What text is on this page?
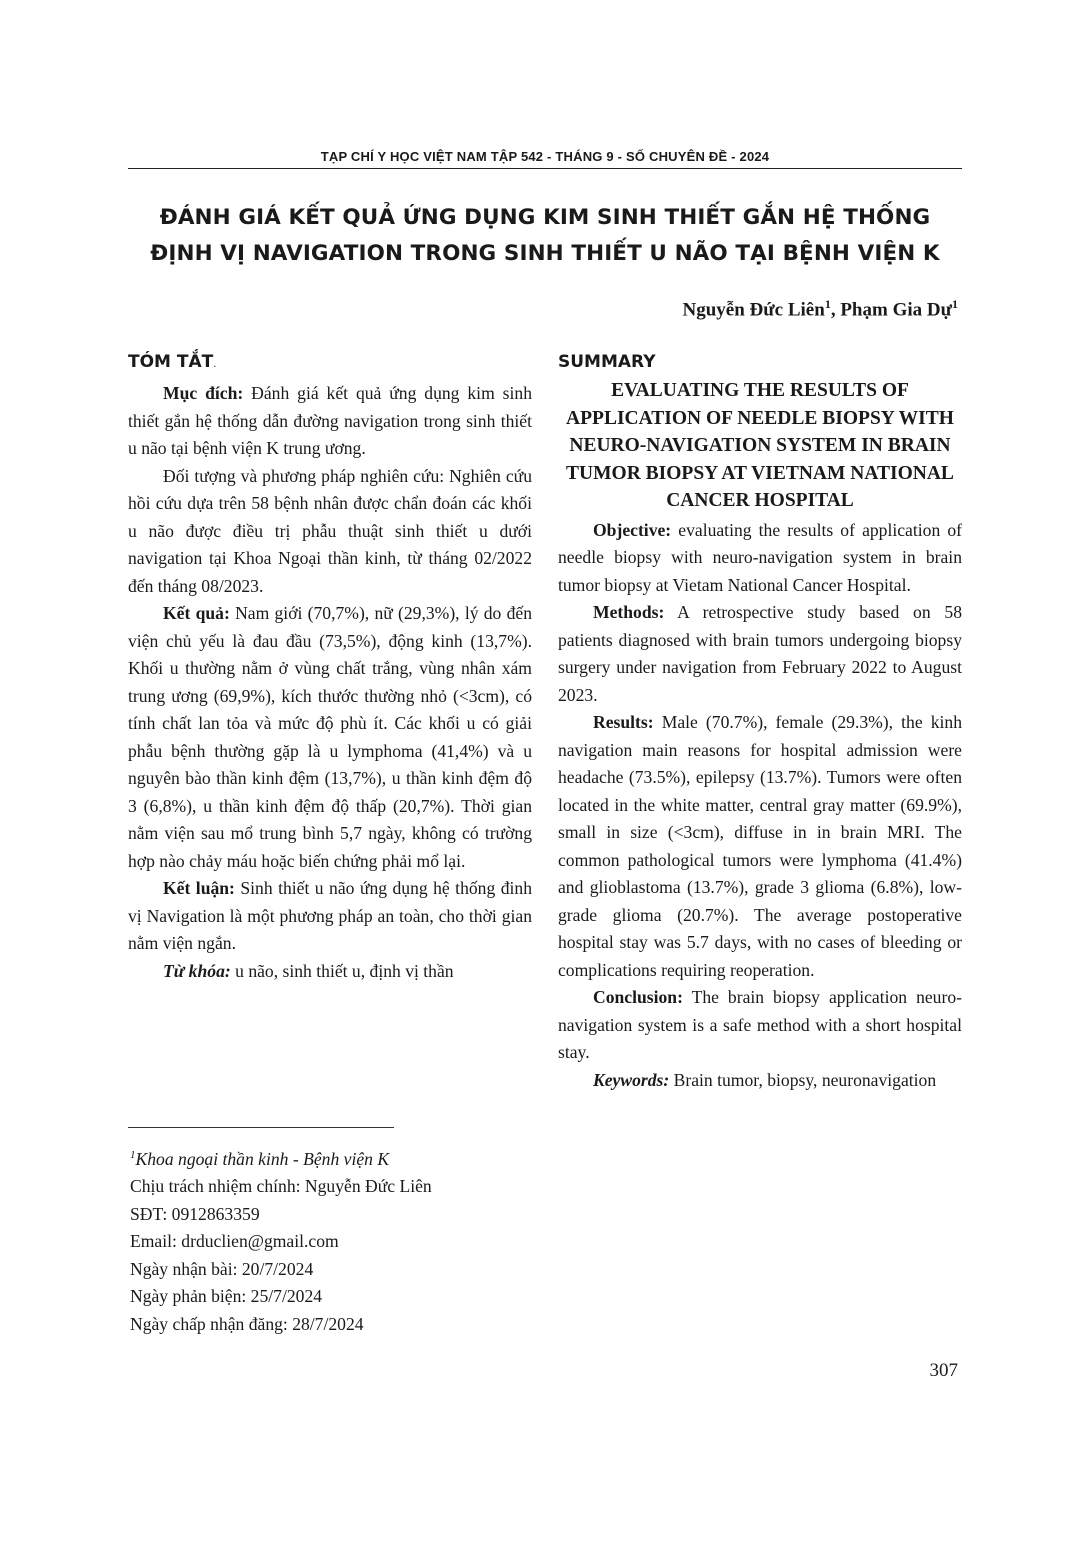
TẠP CHÍ Y HỌC VIỆT NAM TẬP 542 - THÁNG 9 - SỐ CHUYÊN ĐỀ - 2024
ĐÁNH GIÁ KẾT QUẢ ỨNG DỤNG KIM SINH THIẾT GẮN HỆ THỐNG
ĐỊNH VỊ NAVIGATION TRONG SINH THIẾT U NÃO TẠI BỆNH VIỆN K
Nguyễn Đức Liên$^1$, Phạm Gia Dự$^1$
TÓM TẮT.

Mục đích: Đánh giá kết quả ứng dụng kim sinh thiết gắn hệ thống dẫn đường navigation trong sinh thiết u não tại bệnh viện K trung ương.

Đối tượng và phương pháp nghiên cứu: Nghiên cứu hồi cứu dựa trên 58 bệnh nhân được chẩn đoán các khối u não được điều trị phẫu thuật sinh thiết u dưới navigation tại Khoa Ngoại thần kinh, từ tháng 02/2022 đến tháng 08/2023.

Kết quả: Nam giới (70,7%), nữ (29,3%), lý do đến viện chủ yếu là đau đầu (73,5%), động kinh (13,7%). Khối u thường nằm ở vùng chất trắng, vùng nhân xám trung ương (69,9%), kích thước thường nhỏ (<3cm), có tính chất lan tỏa và mức độ phù ít. Các khối u có giải phẫu bệnh thường gặp là u lymphoma (41,4%) và u nguyên bào thần kinh đệm (13,7%), u thần kinh đệm độ 3 (6,8%), u thần kinh đệm độ thấp (20,7%). Thời gian nằm viện sau mổ trung bình 5,7 ngày, không có trường hợp nào chảy máu hoặc biến chứng phải mổ lại.

Kết luận: Sinh thiết u não ứng dụng hệ thống đinh vị Navigation là một phương pháp an toàn, cho thời gian nằm viện ngắn.

Từ khóa: u não, sinh thiết u, định vị thần

SUMMARY
EVALUATING THE RESULTS OF APPLICATION OF NEEDLE BIOPSY WITH NEURO-NAVIGATION SYSTEM IN BRAIN TUMOR BIOPSY AT VIETNAM NATIONAL CANCER HOSPITAL

Objective: evaluating the results of application of needle biopsy with neuro-navigation system in brain tumor biopsy at Vietam National Cancer Hospital.

Methods: A retrospective study based on 58 patients diagnosed with brain tumors undergoing biopsy surgery under navigation from February 2022 to August 2023.

Results: Male (70.7%), female (29.3%), the kinh navigation main reasons for hospital admission were headache (73.5%), epilepsy (13.7%). Tumors were often located in the white matter, central gray matter (69.9%), small in size (<3cm), diffuse in in brain MRI. The common pathological tumors were lymphoma (41.4%) and glioblastoma (13.7%), grade 3 glioma (6.8%), low-grade glioma (20.7%). The average postoperative hospital stay was 5.7 days, with no cases of bleeding or complications requiring reoperation.

Conclusion: The brain biopsy application neuro-navigation system is a safe method with a short hospital stay.

Keywords: Brain tumor, biopsy, neuronavigation

$^1$Khoa ngoại thần kinh - Bệnh viện K
Chịu trách nhiệm chính: Nguyễn Đức Liên
SĐT: 0912863359
Email: drduclien@gmail.com
Ngày nhận bài: 20/7/2024
Ngày phản biện: 25/7/2024
Ngày chấp nhận đăng: 28/7/2024
307
